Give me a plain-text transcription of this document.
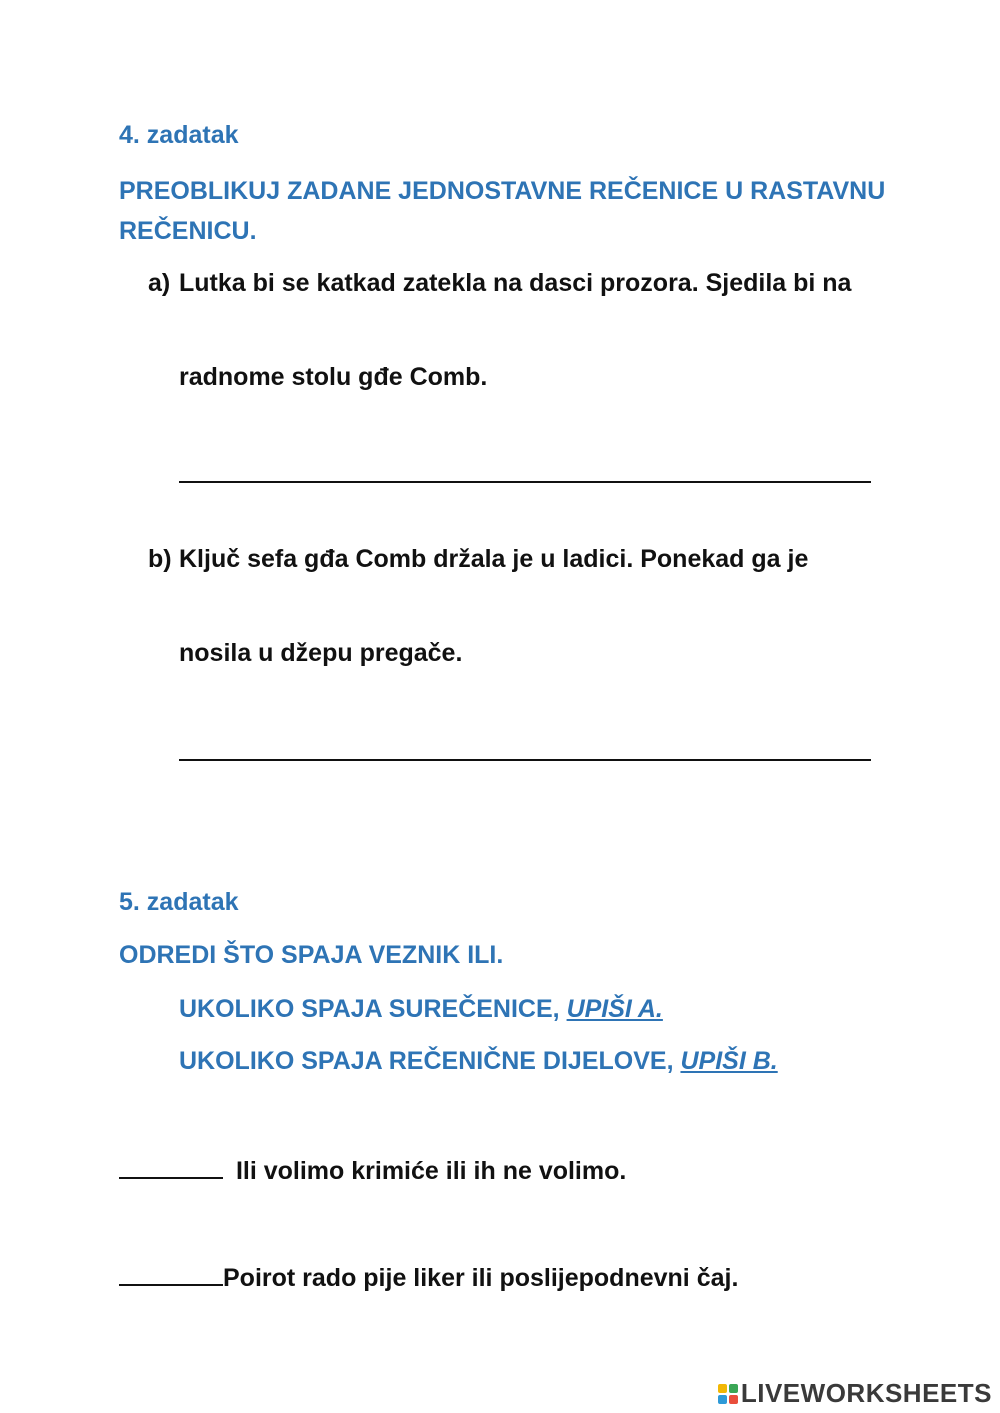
4. zadatak
PREOBLIKUJ ZADANE JEDNOSTAVNE REČENICE U RASTAVNU REČENICU.
a) Lutka bi se katkad zatekla na dasci prozora. Sjedila bi na
radnome stolu gđe Comb.
b) Ključ sefa gđa Comb držala je u ladici. Ponekad ga je
nosila u džepu pregače.
5. zadatak
ODREDI ŠTO SPAJA VEZNIK ILI.
UKOLIKO SPAJA SUREČENICE, UPIŠI A.
UKOLIKO SPAJA REČENIČNE DIJELOVE, UPIŠI B.
Ili volimo krimiće ili ih ne volimo.
Poirot rado pije liker ili poslijepodnevni čaj.
LIVEWORKSHEETS
